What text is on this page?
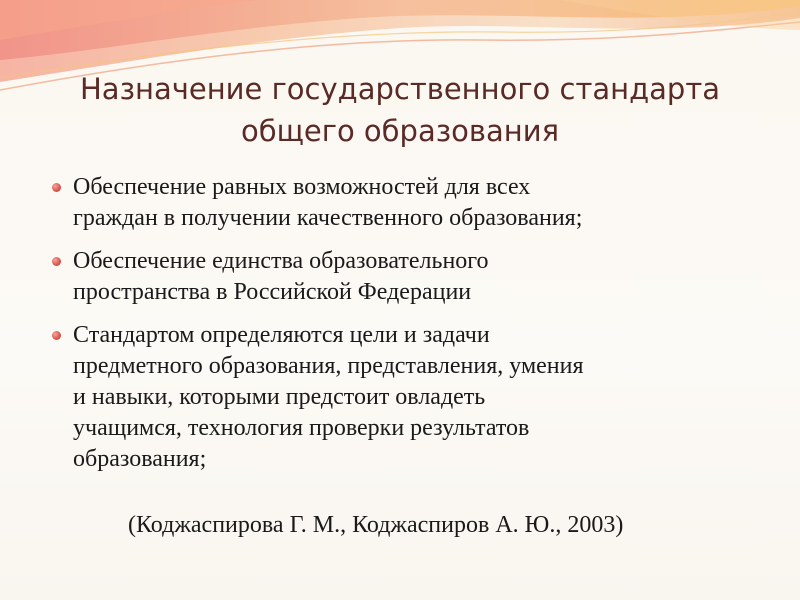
Назначение государственного стандарта
общего образования
Обеспечение равных возможностей для всех
граждан в получении качественного образования;
Обеспечение единства образовательного
пространства в Российской Федерации
Стандартом определяются цели и задачи
предметного образования, представления, умения
и навыки, которыми предстоит овладеть
учащимся, технология проверки результатов
образования;
(Коджаспирова Г. М., Коджаспиров А. Ю., 2003)
